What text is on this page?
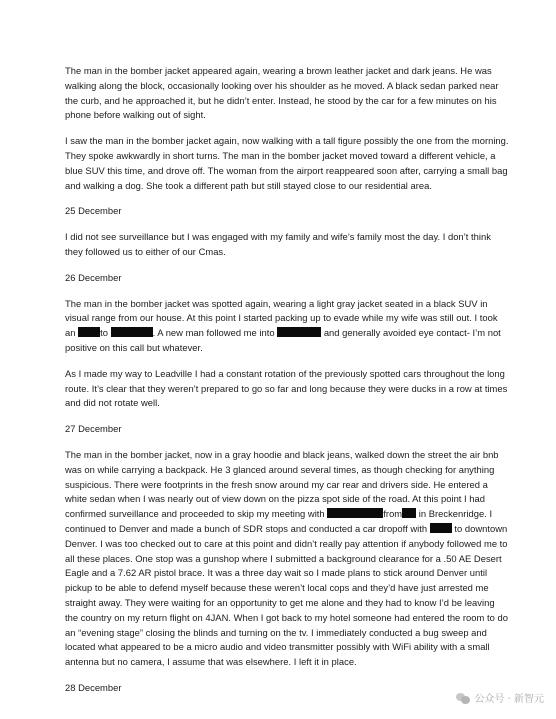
The man in the bomber jacket appeared again, wearing a brown leather jacket and dark jeans. He was walking along the block, occasionally looking over his shoulder as he moved. A black sedan parked near the curb, and he approached it, but he didn’t enter. Instead, he stood by the car for a few minutes on his phone before walking out of sight.

I saw the man in the bomber jacket again, now walking with a tall figure possibly the one from the morning. They spoke awkwardly in short turns. The man in the bomber jacket moved toward a different vehicle, a blue SUV this time, and drove off. The woman from the airport reappeared soon after, carrying a small bag and walking a dog. She took a different path but still stayed close to our residential area.

25 December

I did not see surveillance but I was engaged with my family and wife’s family most the day. I don’t think they followed us to either of our Cmas.

26 December

The man in the bomber jacket was spotted again, wearing a light gray jacket seated in a black SUV in visual range from our house. At this point I started packing up to evade while my wife was still out. I took an	to	. A new man followed me into	and generally avoided eye contact- I’m not positive on this call but whatever.

As I made my way to Leadville I had a constant rotation of the previously spotted cars throughout the long route. It’s clear that they weren’t prepared to go so far and long because they were ducks in a row at times and did not rotate well.

27 December

The man in the bomber jacket, now in a gray hoodie and black jeans, walked down the street the air bnb was on while carrying a backpack. He 3 glanced around several times, as though checking for anything suspicious. There were footprints in the fresh snow around my car rear and drivers side. He entered a white sedan when I was nearly out of view down on the pizza spot side of the road. At this point I had confirmed surveillance and proceeded to skip my meeting with	from in Breckenridge. I continued to Denver and made a bunch of SDR stops and conducted a car dropoff with	to downtown Denver. I was too checked out to care at this point and didn’t really pay attention if anybody followed me to all these places. One stop was a gunshop where I submitted a background clearance for a .50 AE Desert Eagle and a 7.62 AR pistol brace. It was a three day wait so I made plans to stick around Denver until pickup to be able to defend myself because these weren’t local cops and they’d have just arrested me straight away. They were waiting for an opportunity to get me alone and they had to know I’d be leaving the country on my return flight on 4JAN. When I got back to my hotel someone had entered the room to do an “evening stage” closing the blinds and turning on the tv. I immediately conducted a bug sweep and located what appeared to be a micro audio and video transmitter possibly with WiFi ability with a small antenna but no camera, I assume that was elsewhere. I left it in place.

28 December

公众号 · 新智元
